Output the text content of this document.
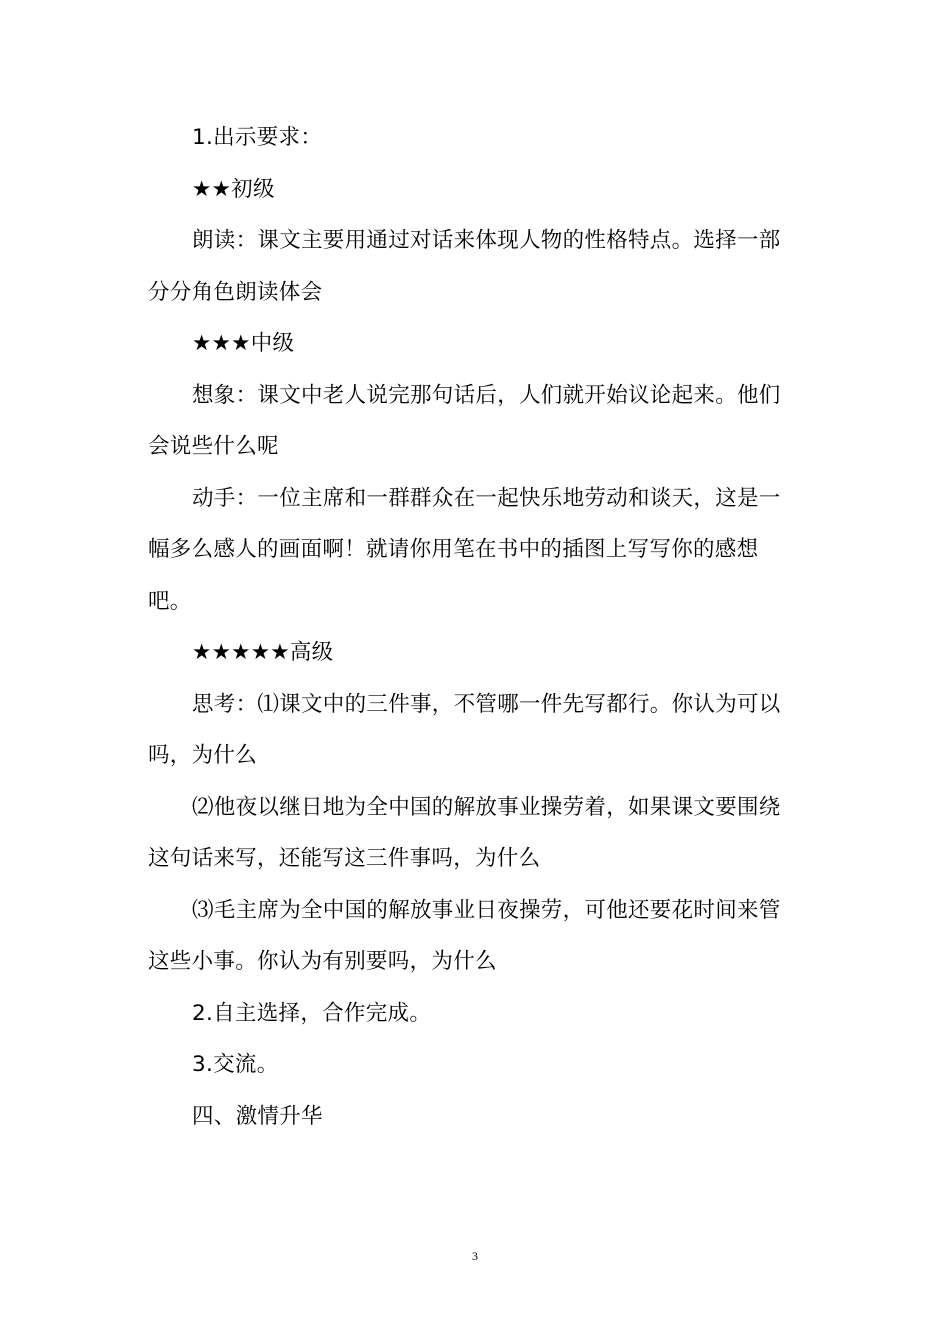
1.出示要求：

★★初级

朗读：课文主要用通过对话来体现人物的性格特点。选择一部分分角色朗读体会

★★★中级

想象：课文中老人说完那句话后，人们就开始议论起来。他们会说些什么呢

动手：一位主席和一群群众在一起快乐地劳动和谈天，这是一幅多么感人的画面啊！就请你用笔在书中的插图上写写你的感想吧。

★★★★★高级

思考：⑴课文中的三件事，不管哪一件先写都行。你认为可以吗，为什么

⑵他夜以继日地为全中国的解放事业操劳着，如果课文要围绕这句话来写，还能写这三件事吗，为什么

⑶毛主席为全中国的解放事业日夜操劳，可他还要花时间来管这些小事。你认为有别要吗，为什么

2.自主选择，合作完成。

3.交流。

四、激情升华

3
